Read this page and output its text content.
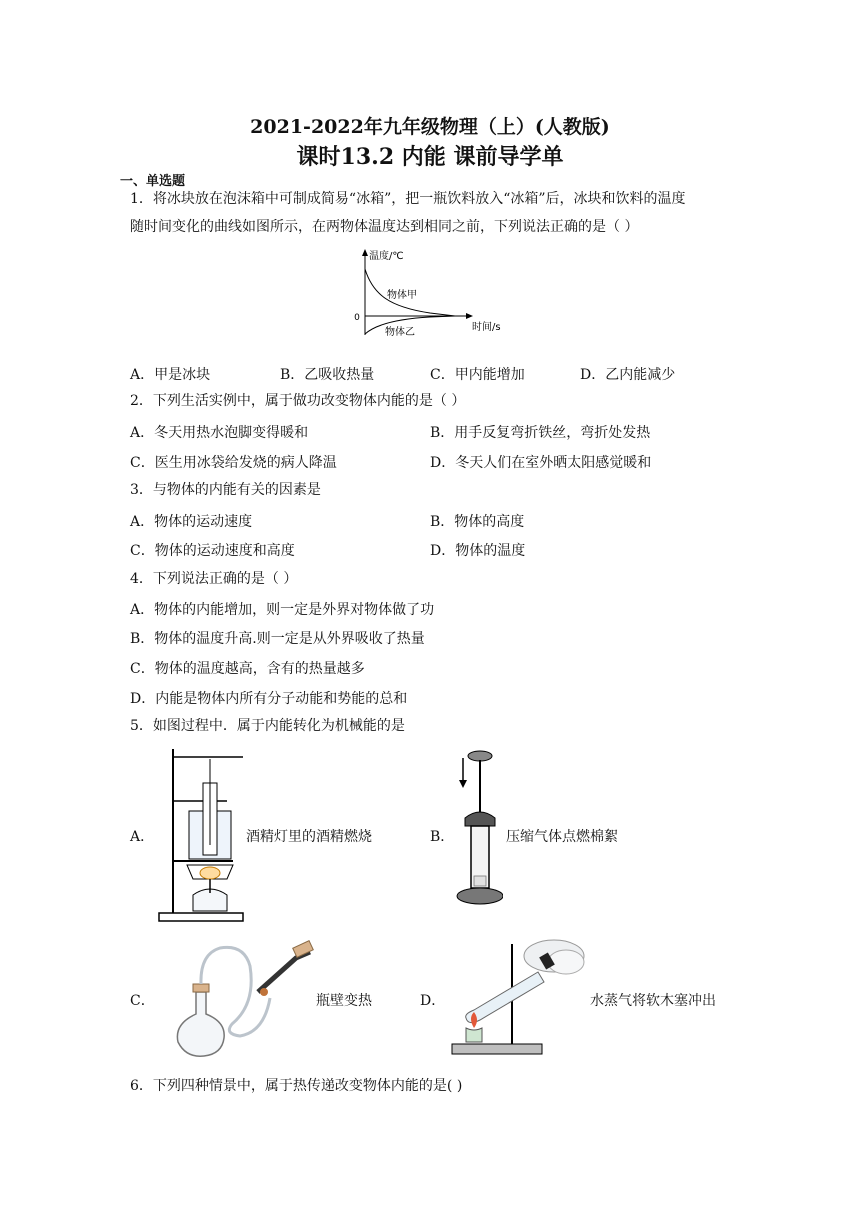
2021-2022年九年级物理（上）(人教版)
课时13.2 内能 课前导学单
一、单选题
1．将冰块放在泡沫箱中可制成简易“冰箱”，把一瓶饮料放入“冰箱”后，冰块和饮料的温度
随时间变化的曲线如图所示，在两物体温度达到相同之前，下列说法正确的是（ ）
温度/℃
时间/s
0
物体甲
物体乙
A．甲是冰块	B．乙吸收热量	C．甲内能增加	D．乙内能减少
2．下列生活实例中，属于做功改变物体内能的是（ ）
A．冬天用热水泡脚变得暖和	B．用手反复弯折铁丝，弯折处发热
C．医生用冰袋给发烧的病人降温	D．冬天人们在室外晒太阳感觉暖和
3．与物体的内能有关的因素是
A．物体的运动速度	B．物体的高度
C．物体的运动速度和高度	D．物体的温度
4．下列说法正确的是（ ）
A．物体的内能增加，则一定是外界对物体做了功
B．物体的温度升高.则一定是从外界吸收了热量
C．物体的温度越高，含有的热量越多
D．内能是物体内所有分子动能和势能的总和
5．如图过程中．属于内能转化为机械能的是
A．	酒精灯里的酒精燃烧	B．	压缩气体点燃棉絮
C．	瓶壁变热	D．	水蒸气将软木塞冲出
6．下列四种情景中，属于热传递改变物体内能的是( )
